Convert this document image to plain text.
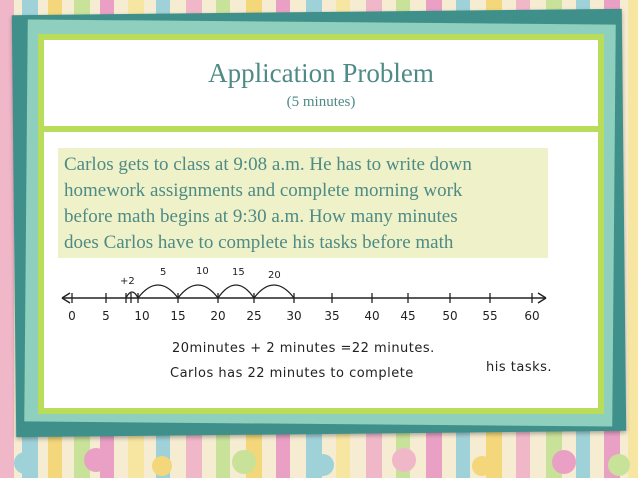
Application Problem
(5 minutes)
Carlos gets to class at 9:08 a.m. He has to write down
homework assignments and complete morning work
before math begins at 9:30 a.m. How many minutes
does Carlos have to complete his tasks before math
+2
5	10 15 20
0 5 10 15 20 25 30 35 40 45 50 55 60
20minutes + 2 minutes =22 minutes.
Carlos has 22 minutes to complete	his tasks.
